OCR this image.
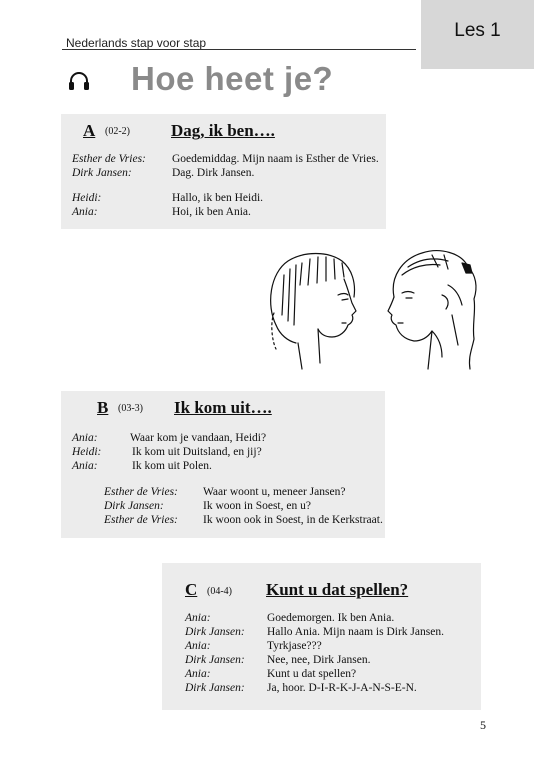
Nederlands stap voor stap
Les 1
Hoe heet je?
A (02-2) Dag, ik ben….
Esther de Vries: Goedemiddag. Mijn naam is Esther de Vries.
Dirk Jansen:	Dag. Dirk Jansen.
Heidi:	Hallo, ik ben Heidi.
Ania:	Hoi, ik ben Ania.
B (03-3) Ik kom uit….
Ania:	Waar kom je vandaan, Heidi?
Heidi:	Ik kom uit Duitsland, en jij?
Ania:	Ik kom uit Polen.
Esther de Vries: Waar woont u, meneer Jansen?
Dirk Jansen:	Ik woon in Soest, en u?
Esther de Vries: Ik woon ook in Soest, in de Kerkstraat.
C (04-4) Kunt u dat spellen?
Ania:	Goedemorgen. Ik ben Ania.
Dirk Jansen: Hallo Ania. Mijn naam is Dirk Jansen.
Ania:	Tyrkjase???
Dirk Jansen: Nee, nee, Dirk Jansen.
Ania:	Kunt u dat spellen?
Dirk Jansen: Ja, hoor. D-I-R-K-J-A-N-S-E-N.
5
